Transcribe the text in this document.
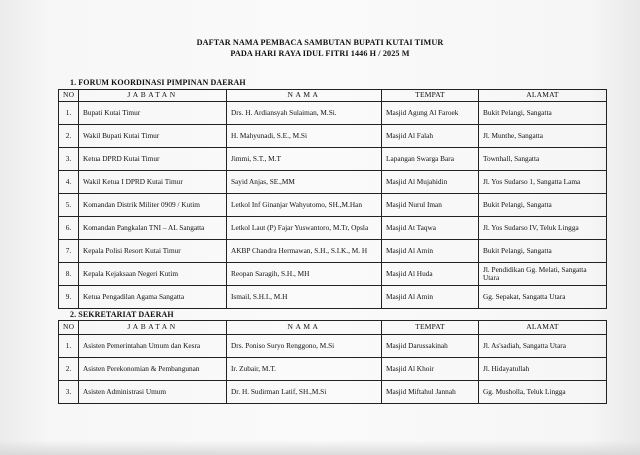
DAFTAR NAMA PEMBACA SAMBUTAN BUPATI KUTAI TIMUR
PADA HARI RAYA IDUL FITRI 1446 H / 2025 M
1. FORUM KOORDINASI PIMPINAN DAERAH
NO	JABATAN	NAMA	TEMPAT	ALAMAT
1.	Bupati Kutai Timur	Drs. H. Ardiansyah Sulaiman, M.Si.	Masjid Agung Al Faroek	Bukit Pelangi, Sangatta
2.	Wakil Bupati Kutai Timur	H. Mahyunadi, S.E., M.Si	Masjid Al Falah	Jl. Munthe, Sangatta
3.	Ketua DPRD Kutai Timur	Jimmi, S.T., M.T	Lapangan Swarga Bara	Townhall, Sangatta
4.	Wakil Ketua I DPRD Kutai Timur	Sayid Anjas, SE.,MM	Masjid Al Mujahidin	Jl. Yos Sudarso 1, Sangatta Lama
5.	Komandan Distrik Militer 0909 / Kutim	Letkol Inf Ginanjar Wahyutomo, SH.,M.Han	Masjid Nurul Iman	Bukit Pelangi, Sangatta
6.	Komandan Pangkalan TNI – AL Sangatta	Letkol Laut (P) Fajar Yuswantoro, M.Tr, Opsla	Masjid At Taqwa	Jl. Yos Sudarso IV, Teluk Lingga
7.	Kepala Polisi Resort Kutai Timur	AKBP Chandra Hermawan, S.H., S.I.K., M. H	Masjid Al Amin	Bukit Pelangi, Sangatta
8.	Kepala Kejaksaan Negeri Kutim	Reopan Saragih, S.H., MH	Masjid Al Huda	Jl. Pendidikan Gg. Melati, Sangatta Utara
9.	Ketua Pengadilan Agama Sangatta	Ismail, S.H.I., M.H	Masjid Al Amin	Gg. Sepakat, Sangatta Utara
2. SEKRETARIAT DAERAH
NO	JABATAN	NAMA	TEMPAT	ALAMAT
1.	Asisten Pemerintahan Umum dan Kesra	Drs. Poniso Suryo Renggono, M.Si	Masjid Darussakinah	Jl. As'sadiah, Sangatta Utara
2.	Asisten Perekonomian & Pembangunan	Ir. Zubair, M.T.	Masjid Al Khoir	Jl. Hidayatullah
3.	Asisten Administrasi Umum	Dr. H. Sudirman Latif, SH.,M.Si	Masjid Miftahul Jannah	Gg. Musholla, Teluk Lingga
